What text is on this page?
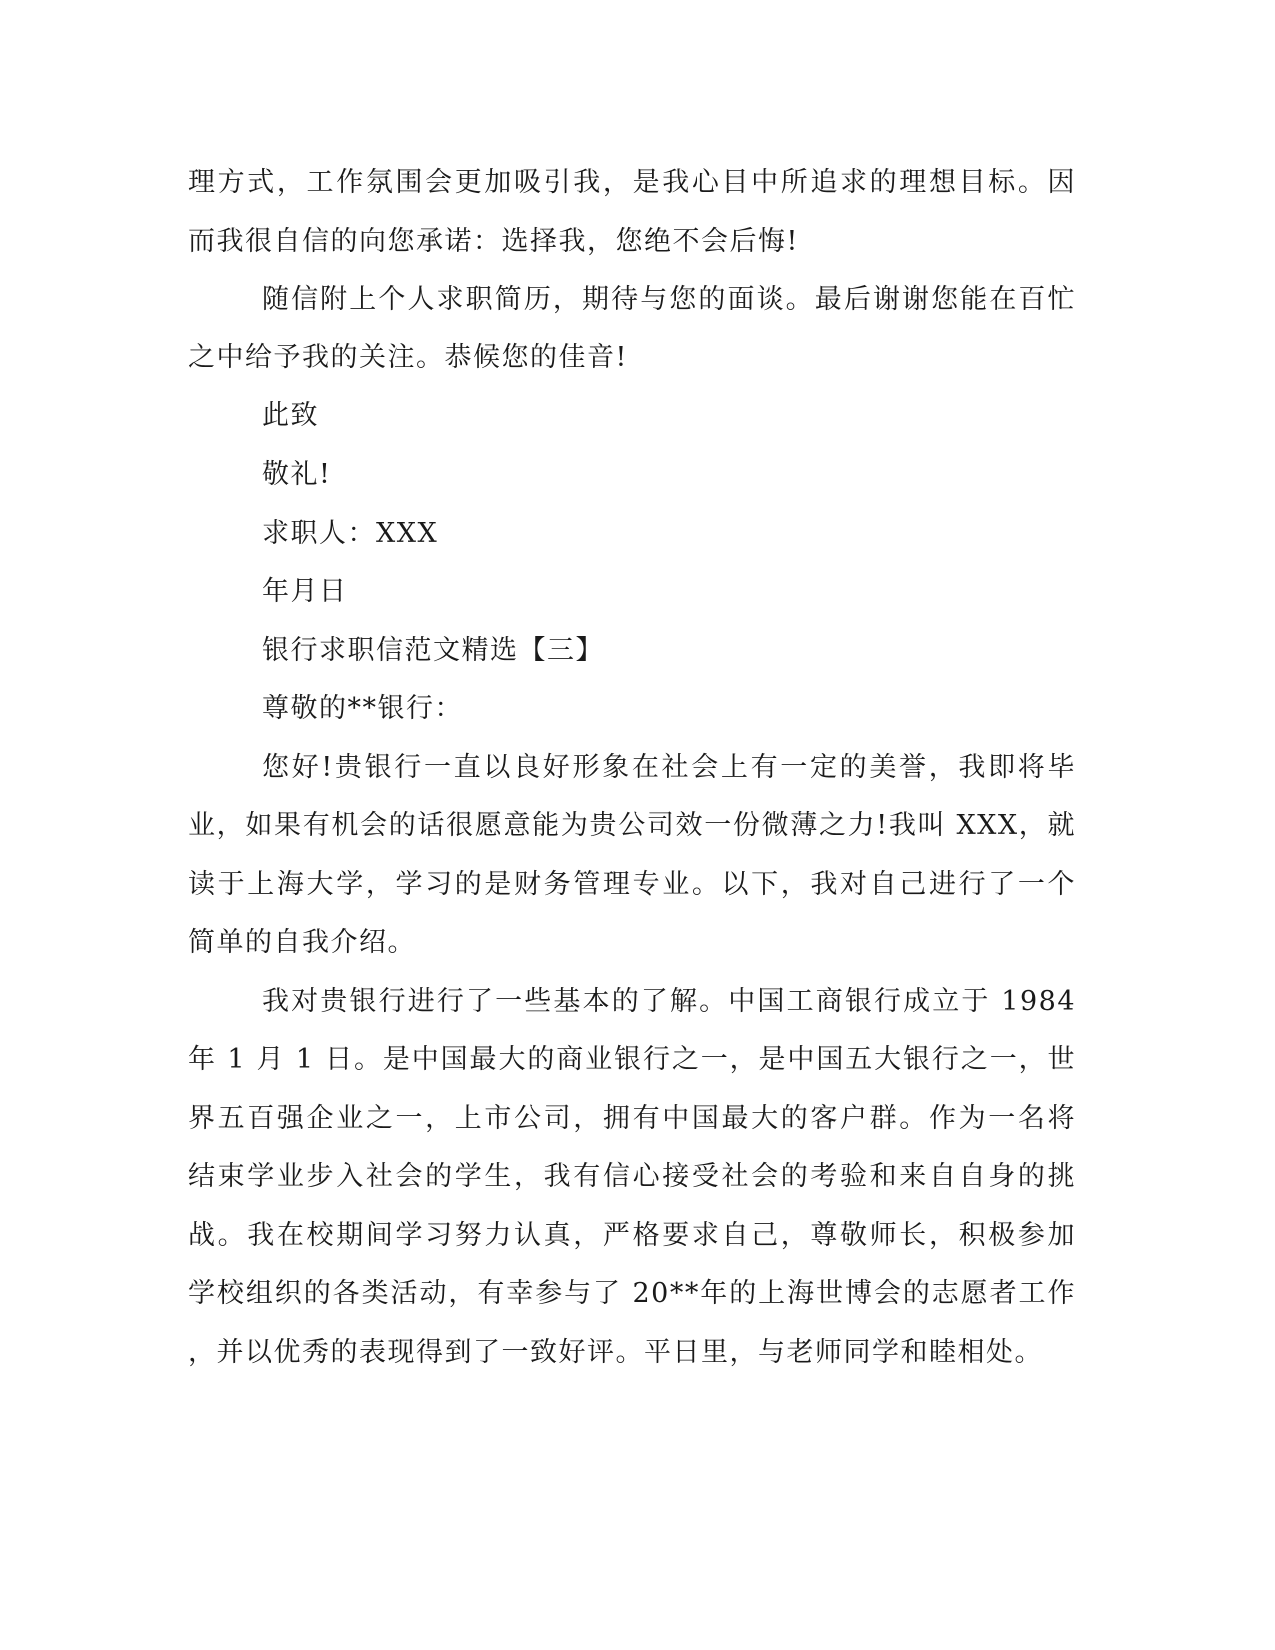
理方式，工作氛围会更加吸引我，是我心目中所追求的理想目标。因
而我很自信的向您承诺：选择我，您绝不会后悔!
随信附上个人求职简历，期待与您的面谈。最后谢谢您能在百忙
之中给予我的关注。恭候您的佳音!
此致
敬礼!
求职人：XXX
年月日
银行求职信范文精选【三】
尊敬的**银行：
您好!贵银行一直以良好形象在社会上有一定的美誉，我即将毕
业，如果有机会的话很愿意能为贵公司效一份微薄之力!我叫 XXX，就
读于上海大学，学习的是财务管理专业。以下，我对自己进行了一个
简单的自我介绍。
我对贵银行进行了一些基本的了解。中国工商银行成立于 1984
年 1 月 1 日。是中国最大的商业银行之一，是中国五大银行之一，世
界五百强企业之一，上市公司，拥有中国最大的客户群。作为一名将
结束学业步入社会的学生，我有信心接受社会的考验和来自自身的挑
战。我在校期间学习努力认真，严格要求自己，尊敬师长，积极参加
学校组织的各类活动，有幸参与了 20**年的上海世博会的志愿者工作
，并以优秀的表现得到了一致好评。平日里，与老师同学和睦相处。
